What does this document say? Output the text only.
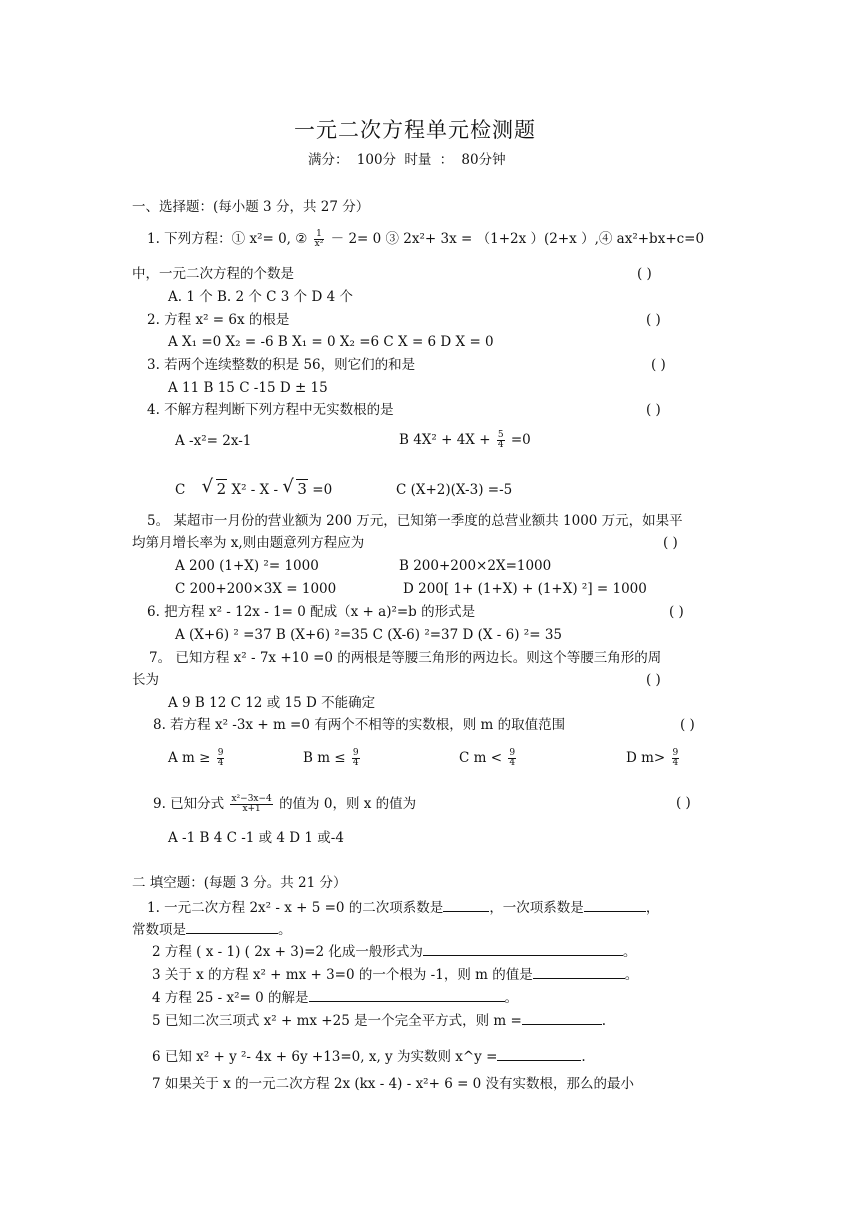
一元二次方程单元检测题
满分： 100分 时量 ： 80分钟
一、选择题：(每小题 3 分，共 27 分）
1. 下列方程：① x²= 0, ② $\frac{1}{\text{x²}} - 2= 0$ ③ 2x²+ 3x = （1+2x ）(2+x ）,④ ax²+bx+c=0
中，一元二次方程的个数是	( )
A. 1 个 B. 2 个 C 3 个 D 4 个
2. 方程 x² = 6x 的根是	( )
A X₁ =0 X₂ = -6 B X₁ = 0 X₂ =6 C X = 6 D X = 0
3. 若两个连续整数的积是 56，则它们的和是	( )
A 11 B 15 C -15 D ± 15
4. 不解方程判断下列方程中无实数根的是	( )
A -x²= 2x-1	B $4X^2 + 4X + \frac{5}{4} =0$
C √ 2 X² - X - √ 3 =0	C (X+2)(X-3) =-5
5。 某超市一月份的营业额为 200 万元，已知第一季度的总营业额共 1000 万元，如果平
均第月增长率为 x,则由题意列方程应为	( )
A 200 (1+X) ²= 1000	B 200+200×2X=1000
C 200+200×3X = 1000	D 200[ 1+ (1+X) + (1+X) ²] = 1000
6. 把方程 x² - 12x - 1= 0 配成（x + a)²=b 的形式是	( )
A (X+6) ² =37 B (X+6) ²=35 C (X-6) ²=37 D (X - 6) ²= 35
7。 已知方程 x² - 7x +10 =0 的两根是等腰三角形的两边长。则这个等腰三角形的周
长为	( )
A 9 B 12 C 12 或 15 D 不能确定
8. 若方程 x² -3x + m =0 有两个不相等的实数根，则 m 的取值范围	( )
A $m \ge \frac{9}{4}$	B $m \le \frac{9}{4}$	C $m < \frac{9}{4}$	D $m> \frac{9}{4}$
9. 已知分式 $\frac{\text{x²−3x−4}}{x+1}$ 的值为 0，则 x 的值为	( )
A -1 B 4 C -1 或 4 D 1 或-4
二 填空题：(每题 3 分。共 21 分）
1. 一元二次方程 2x² - x + 5 =0 的二次项系数是	，一次项系数是	，
常数项是	。
2 方程 ( x - 1) ( 2x + 3)=2 化成一般形式为	。
3 关于 x 的方程 x² + mx + 3=0 的一个根为 -1，则 m 的值是	。
4 方程 25 - x²= 0 的解是	。
5 已知二次三项式 x² + mx +25 是一个完全平方式，则 m =	.
6 已知 x² + y ²- 4x + 6y +13=0, x, y 为实数则 x^y =	.
7 如果关于 x 的一元二次方程 2x (kx - 4) - x²+ 6 = 0 没有实数根，那么的最小
